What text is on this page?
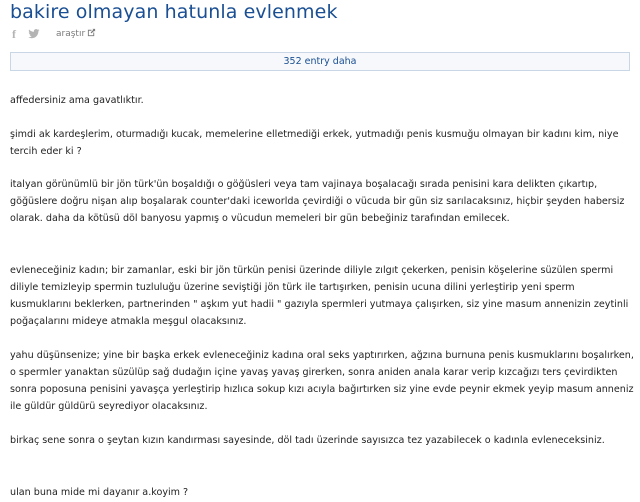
bakire olmayan hatunla evlenmek
f	araştır
352 entry daha

affedersiniz ama gavatlıktır.

şimdi ak kardeşlerim, oturmadığı kucak, memelerine elletmediği erkek, yutmadığı penis kusmuğu olmayan bir kadını kim, niye tercih eder ki ?

italyan görünümlü bir jön türk'ün boşaldığı o göğüsleri veya tam vajinaya boşalacağı sırada penisini kara delikten çıkartıp, göğüslere doğru nişan alıp boşalarak counter'daki iceworlda çevirdiği o vücuda bir gün siz sarılacaksınız, hiçbir şeyden habersiz olarak. daha da kötüsü döl banyosu yapmış o vücudun memeleri bir gün bebeğiniz tarafından emilecek.

evleneceğiniz kadın; bir zamanlar, eski bir jön türkün penisi üzerinde diliyle zılgıt çekerken, penisin köşelerine süzülen spermi diliyle temizleyip spermin tuzluluğu üzerine seviştiği jön türk ile tartışırken, penisin ucuna dilini yerleştirip yeni sperm kusmuklarını beklerken, partnerinden " aşkım yut hadii " gazıyla spermleri yutmaya çalışırken, siz yine masum annenizin zeytinli poğaçalarını mideye atmakla meşgul olacaksınız.

yahu düşünsenize; yine bir başka erkek evleneceğiniz kadına oral seks yaptırırken, ağzına burnuna penis kusmuklarını boşalırken, o spermler yanaktan süzülüp sağ dudağın içine yavaş yavaş girerken, sonra aniden anala karar verip kızcağızı ters çevirdikten sonra poposuna penisini yavaşça yerleştirip hızlıca sokup kızı acıyla bağırtırken siz yine evde peynir ekmek yeyip masum anneniz ile güldür güldürü seyrediyor olacaksınız.

birkaç sene sonra o şeytan kızın kandırması sayesinde, döl tadı üzerinde sayısızca tez yazabilecek o kadınla evleneceksiniz.

ulan buna mide mi dayanır a.koyim ?
